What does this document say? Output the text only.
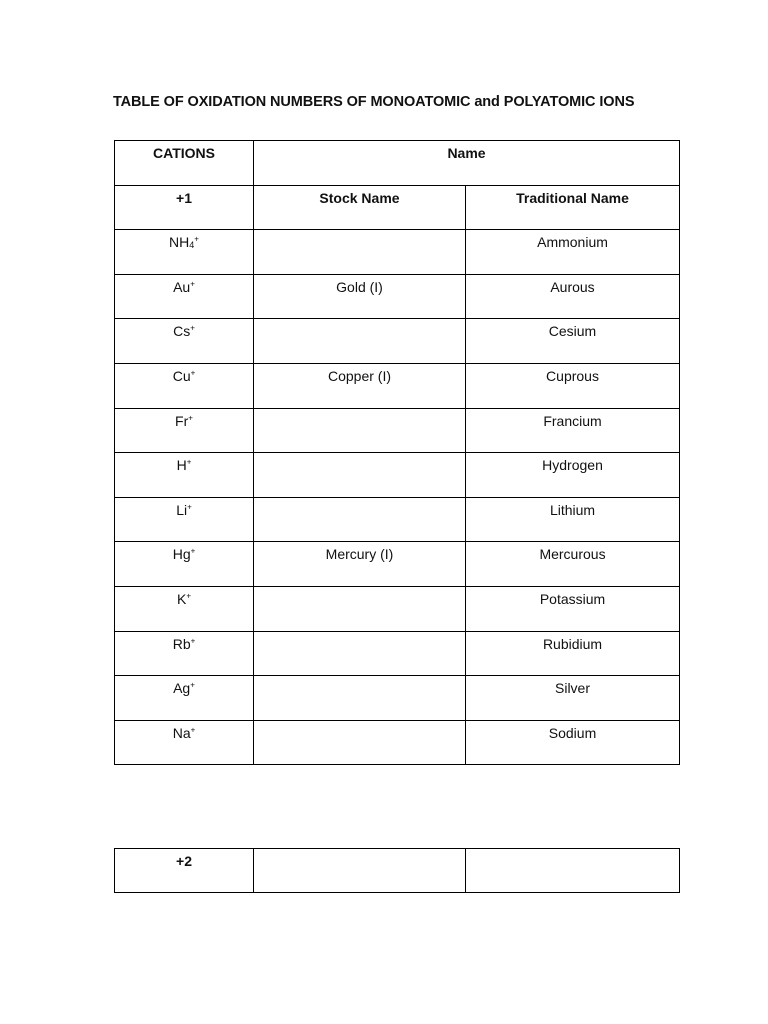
TABLE OF OXIDATION NUMBERS OF MONOATOMIC and POLYATOMIC IONS
CATIONS	Name	
+1	Stock Name	Traditional Name
$NH_4^+$		Ammonium
Au+	Gold (I)	Aurous
Cs+		Cesium
Cu+	Copper (I)	Cuprous
Fr+		Francium
H+		Hydrogen
Li+		Lithium
Hg+	Mercury (I)	Mercurous
K+		Potassium
Rb+		Rubidium
Ag+		Silver
Na+		Sodium
+2		
